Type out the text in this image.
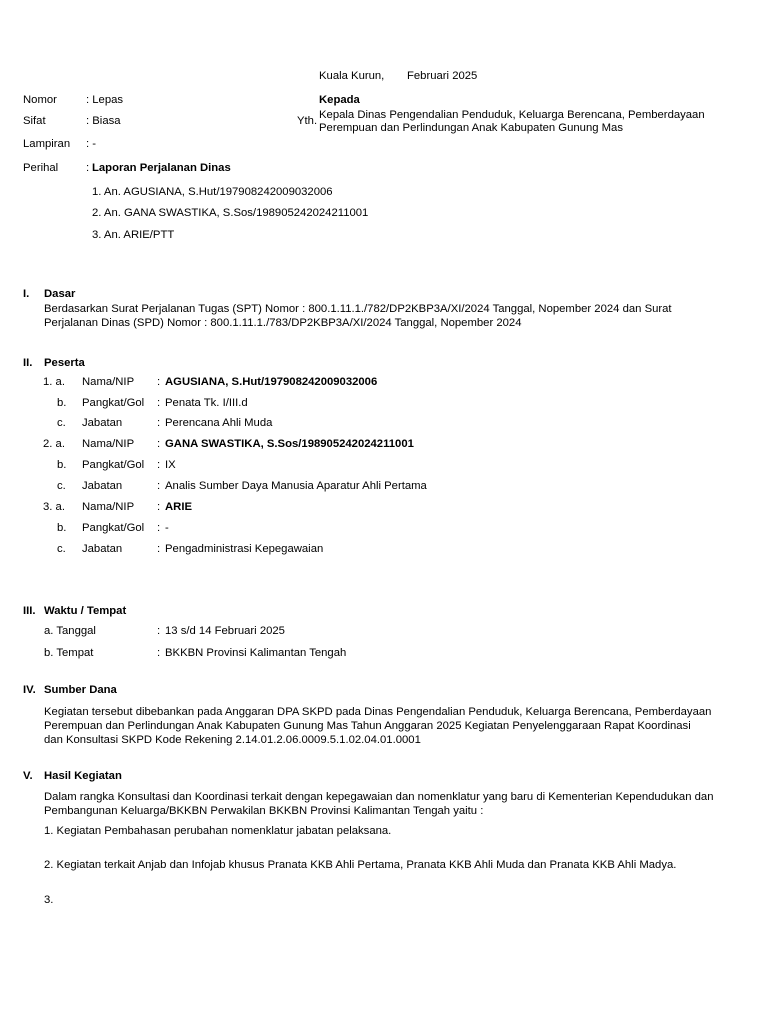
Kuala Kurun, Februari 2025
Nomor	: Lepas	Kepada
Sifat	: Biasa	Yth. Kepala Dinas Pengendalian Penduduk, Keluarga Berencana, Pemberdayaan
Perempuan dan Perlindungan Anak Kabupaten Gunung Mas
Lampiran : -
Perihal : Laporan Perjalanan Dinas
1. An. AGUSIANA, S.Hut/197908242009032006
2. An. GANA SWASTIKA, S.Sos/198905242024211001
3. An. ARIE/PTT
I. Dasar
Berdasarkan Surat Perjalanan Tugas (SPT) Nomor : 800.1.11.1./782/DP2KBP3A/XI/2024 Tanggal, Nopember 2024 dan Surat
Perjalanan Dinas (SPD) Nomor : 800.1.11.1./783/DP2KBP3A/XI/2024 Tanggal, Nopember 2024
II. Peserta
1. a. Nama/NIP : AGUSIANA, S.Hut/197908242009032006
b. Pangkat/Gol : Penata Tk. I/III.d
c. Jabatan	: Perencana Ahli Muda
2. a. Nama/NIP : GANA SWASTIKA, S.Sos/198905242024211001
b. Pangkat/Gol : IX
c. Jabatan	: Analis Sumber Daya Manusia Aparatur Ahli Pertama
3. a. Nama/NIP : ARIE
b. Pangkat/Gol : -
c. Jabatan	: Pengadministrasi Kepegawaian
III. Waktu / Tempat
a. Tanggal	: 13 s/d 14 Februari 2025
b. Tempat	: BKKBN Provinsi Kalimantan Tengah
IV. Sumber Dana
Kegiatan tersebut dibebankan pada Anggaran DPA SKPD pada Dinas Pengendalian Penduduk, Keluarga Berencana, Pemberdayaan
Perempuan dan Perlindungan Anak Kabupaten Gunung Mas Tahun Anggaran 2025 Kegiatan Penyelenggaraan Rapat Koordinasi
dan Konsultasi SKPD Kode Rekening 2.14.01.2.06.0009.5.1.02.04.01.0001
V. Hasil Kegiatan
Dalam rangka Konsultasi dan Koordinasi terkait dengan kepegawaian dan nomenklatur yang baru di Kementerian Kependudukan dan
Pembangunan Keluarga/BKKBN Perwakilan BKKBN Provinsi Kalimantan Tengah yaitu :
1. Kegiatan Pembahasan perubahan nomenklatur jabatan pelaksana.
2. Kegiatan terkait Anjab dan Infojab khusus Pranata KKB Ahli Pertama, Pranata KKB Ahli Muda dan Pranata KKB Ahli Madya.
3.
